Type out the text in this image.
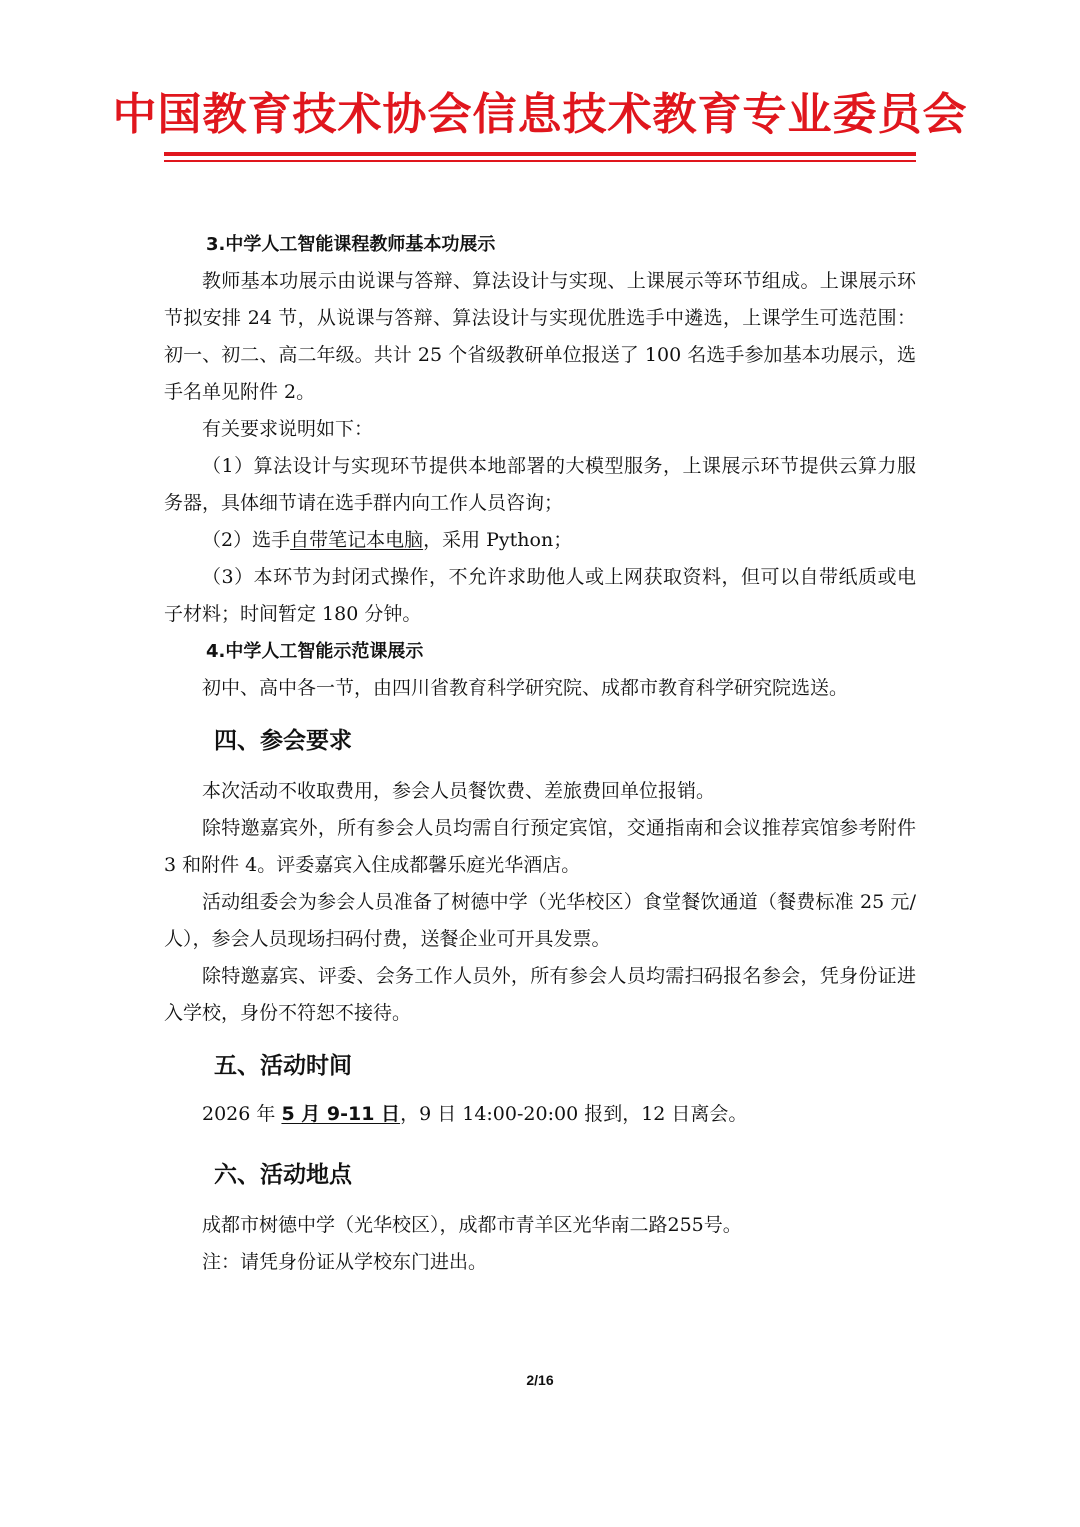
中国教育技术协会信息技术教育专业委员会
3.中学人工智能课程教师基本功展示

教师基本功展示由说课与答辩、算法设计与实现、上课展示等环节组成。上课展示环节拟安排 24 节，从说课与答辩、算法设计与实现优胜选手中遴选，上课学生可选范围：初一、初二、高二年级。共计 25 个省级教研单位报送了 100 名选手参加基本功展示，选手名单见附件 2。

有关要求说明如下：

（1）算法设计与实现环节提供本地部署的大模型服务，上课展示环节提供云算力服务器，具体细节请在选手群内向工作人员咨询；

（2）选手自带笔记本电脑，采用 Python；

（3）本环节为封闭式操作，不允许求助他人或上网获取资料，但可以自带纸质或电子材料；时间暂定 180 分钟。

4.中学人工智能示范课展示

初中、高中各一节，由四川省教育科学研究院、成都市教育科学研究院选送。

四、参会要求

本次活动不收取费用，参会人员餐饮费、差旅费回单位报销。

除特邀嘉宾外，所有参会人员均需自行预定宾馆，交通指南和会议推荐宾馆参考附件 3 和附件 4。评委嘉宾入住成都馨乐庭光华酒店。

活动组委会为参会人员准备了树德中学（光华校区）食堂餐饮通道（餐费标准 25 元/人），参会人员现场扫码付费，送餐企业可开具发票。

除特邀嘉宾、评委、会务工作人员外，所有参会人员均需扫码报名参会，凭身份证进入学校，身份不符恕不接待。

五、活动时间

2026 年 5 月 9-11 日，9 日 14:00-20:00 报到，12 日离会。

六、活动地点

成都市树德中学（光华校区），成都市青羊区光华南二路255号。

注：请凭身份证从学校东门进出。

2/16
